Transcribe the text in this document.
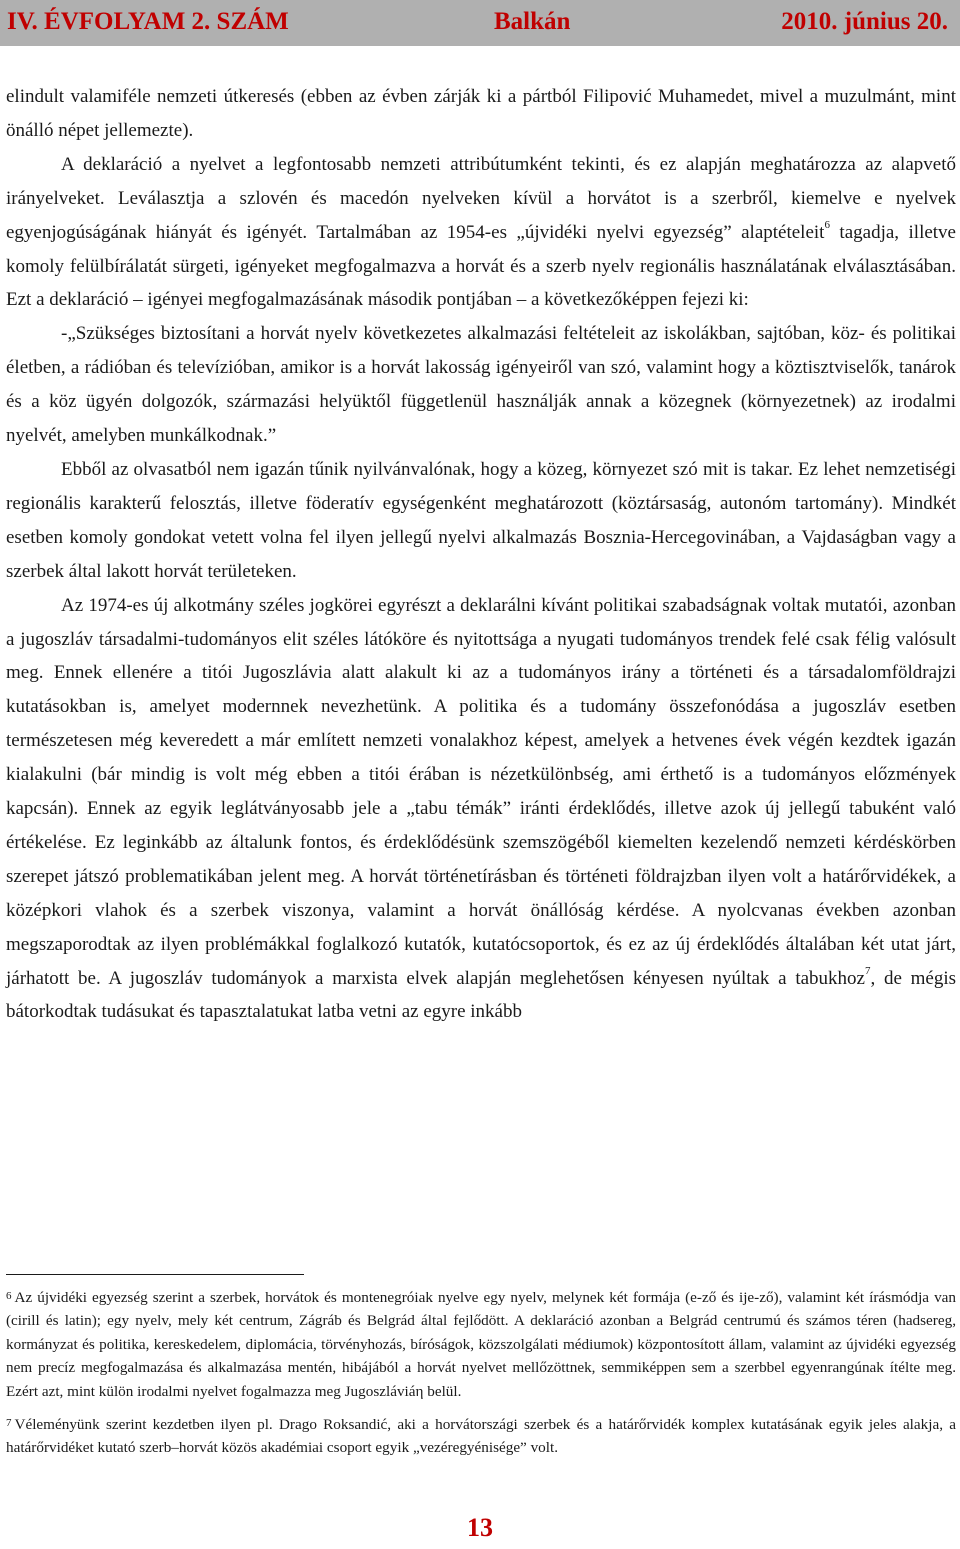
IV. ÉVFOLYAM 2. SZÁM	Balkán	2010. június 20.

elindult valamiféle nemzeti útkeresés (ebben az évben zárják ki a pártból Filipović Muhamedet, mivel a muzulmánt, mint önálló népet jellemezte).

A deklaráció a nyelvet a legfontosabb nemzeti attribútumként tekinti, és ez alapján meghatározza az alapvető irányelveket. Leválasztja a szlovén és macedón nyelveken kívül a horvátot is a szerbről, kiemelve e nyelvek egyenjogúságának hiányát és igényét. Tartalmában az 1954-es „újvidéki nyelvi egyezség” alaptételeit$^6$ tagadja, illetve komoly felülbírálatát sürgeti, igényeket megfogalmazva a horvát és a szerb nyelv regionális használatának elválasztásában. Ezt a deklaráció – igényei megfogalmazásának második pontjában – a következőképpen fejezi ki:

-„Szükséges biztosítani a horvát nyelv következetes alkalmazási feltételeit az iskolákban, sajtóban, köz- és politikai életben, a rádióban és televízióban, amikor is a horvát lakosság igényeiről van szó, valamint hogy a köztisztviselők, tanárok és a köz ügyén dolgozók, származási helyüktől függetlenül használják annak a közegnek (környezetnek) az irodalmi nyelvét, amelyben munkálkodnak.”

Ebből az olvasatból nem igazán tűnik nyilvánvalónak, hogy a közeg, környezet szó mit is takar. Ez lehet nemzetiségi regionális karakterű felosztás, illetve föderatív egységenként meghatározott (köztársaság, autonóm tartomány). Mindkét esetben komoly gondokat vetett volna fel ilyen jellegű nyelvi alkalmazás Bosznia-Hercegovinában, a Vajdaságban vagy a szerbek által lakott horvát területeken.

Az 1974-es új alkotmány széles jogkörei egyrészt a deklarálni kívánt politikai szabadságnak voltak mutatói, azonban a jugoszláv társadalmi-tudományos elit széles látóköre és nyitottsága a nyugati tudományos trendek felé csak félig valósult meg. Ennek ellenére a titói Jugoszlávia alatt alakult ki az a tudományos irány a történeti és a társadalomföldrajzi kutatásokban is, amelyet modernnek nevezhetünk. A politika és a tudomány összefonódása a jugoszláv esetben természetesen még keveredett a már említett nemzeti vonalakhoz képest, amelyek a hetvenes évek végén kezdtek igazán kialakulni (bár mindig is volt még ebben a titói érában is nézetkülönbség, ami érthető is a tudományos előzmények kapcsán). Ennek az egyik leglátványosabb jele a „tabu témák” iránti érdeklődés, illetve azok új jellegű tabuként való értékelése. Ez leginkább az általunk fontos, és érdeklődésünk szemszögéből kiemelten kezelendő nemzeti kérdéskörben szerepet játszó problematikában jelent meg. A horvát történetírásban és történeti földrajzban ilyen volt a határőrvidékek, a középkori vlahok és a szerbek viszonya, valamint a horvát önállóság kérdése. A nyolcvanas években azonban megszaporodtak az ilyen problémákkal foglalkozó kutatók, kutatócsoportok, és ez az új érdeklődés általában két utat járt, járhatott be. A jugoszláv tudományok a marxista elvek alapján meglehetősen kényesen nyúltak a tabukhoz$^7$, de mégis bátorkodtak tudásukat és tapasztalatukat latba vetni az egyre inkább

$^6$ Az újvidéki egyezség szerint a szerbek, horvátok és montenegróiak nyelve egy nyelv, melynek két formája (e-ző és ije-ző), valamint két írásmódja van (cirill és latin); egy nyelv, mely két centrum, Zágráb és Belgrád által fejlődött. A deklaráció azonban a Belgrád centrumú és számos téren (hadsereg, kormányzat és politika, kereskedelem, diplomácia, törvényhozás, bíróságok, közszolgálati médiumok) központosított állam, valamint az újvidéki egyezség nem precíz megfogalmazása és alkalmazása mentén, hibájából a horvát nyelvet mellőzöttnek, semmiképpen sem a szerbbel egyenrangúnak ítélte meg. Ezért azt, mint külön irodalmi nyelvet fogalmazza meg Jugoszláviáη belül.

$^7$ Véleményünk szerint kezdetben ilyen pl. Drago Roksandić, aki a horvátországi szerbek és a határőrvidék komplex kutatásának egyik jeles alakja, a határőrvidéket kutató szerb–horvát közös akadémiai csoport egyik „vezéregyénisége” volt.

13
